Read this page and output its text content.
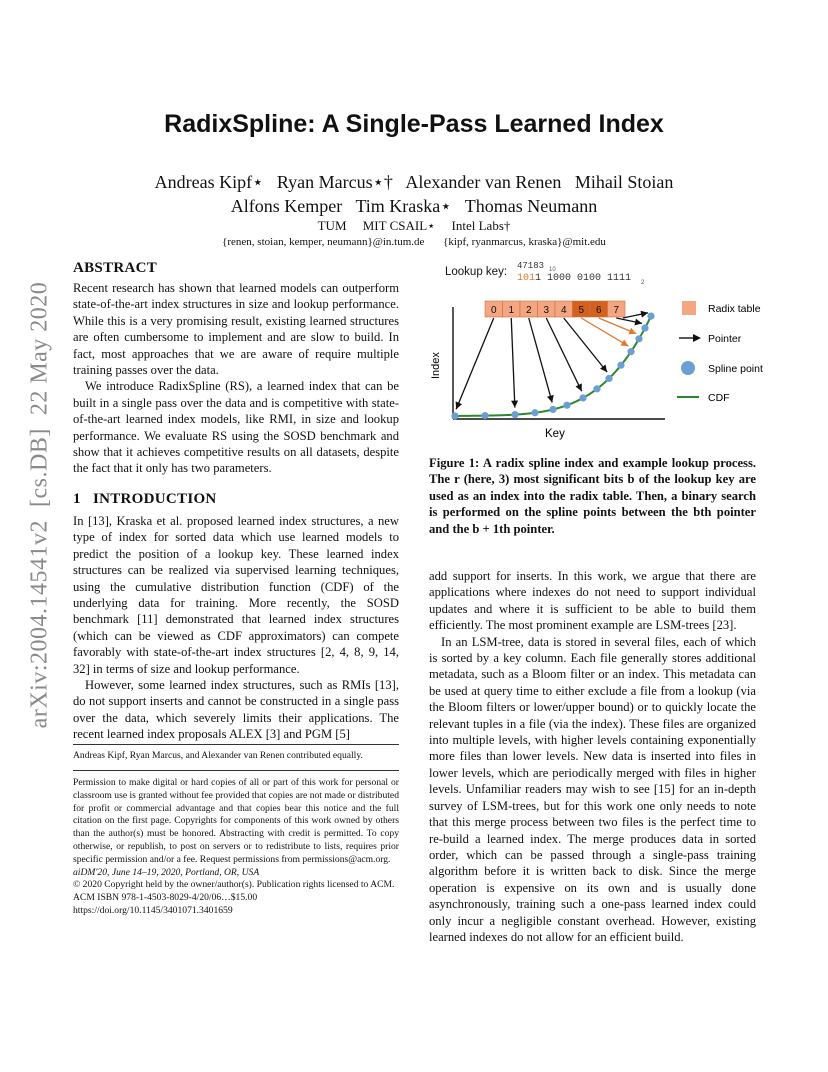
arXiv:2004.14541v2  [cs.DB]  22 May 2020
RadixSpline: A Single-Pass Learned Index
Andreas Kipf⋆   Ryan Marcus⋆†   Alexander van Renen   Mihail Stoian
Alfons Kemper   Tim Kraska⋆   Thomas Neumann
TUM     MIT CSAIL⋆     Intel Labs†
{renen, stoian, kemper, neumann}@in.tum.de {kipf, ryanmarcus, kraska}@mit.edu
ABSTRACT

Recent research has shown that learned models can outperform state-of-the-art index structures in size and lookup performance. While this is a very promising result, existing learned structures are often cumbersome to implement and are slow to build. In fact, most approaches that we are aware of require multiple training passes over the data.

We introduce RadixSpline (RS), a learned index that can be built in a single pass over the data and is competitive with state-of-the-art learned index models, like RMI, in size and lookup performance. We evaluate RS using the SOSD benchmark and show that it achieves competitive results on all datasets, despite the fact that it only has two parameters.

1   INTRODUCTION

In [13], Kraska et al. proposed learned index structures, a new type of index for sorted data which use learned models to predict the position of a lookup key. These learned index structures can be realized via supervised learning techniques, using the cumulative distribution function (CDF) of the underlying data for training. More recently, the SOSD benchmark [11] demonstrated that learned index structures (which can be viewed as CDF approximators) can compete favorably with state-of-the-art index structures [2, 4, 8, 9, 14, 32] in terms of size and lookup performance.

However, some learned index structures, such as RMIs [13], do not support inserts and cannot be constructed in a single pass over the data, which severely limits their applications. The recent learned index proposals ALEX [3] and PGM [5]

Andreas Kipf, Ryan Marcus, and Alexander van Renen contributed equally.

Permission to make digital or hard copies of all or part of this work for personal or classroom use is granted without fee provided that copies are not made or distributed for profit or commercial advantage and that copies bear this notice and the full citation on the first page. Copyrights for components of this work owned by others than the author(s) must be honored. Abstracting with credit is permitted. To copy otherwise, or republish, to post on servers or to redistribute to lists, requires prior specific permission and/or a fee. Request permissions from permissions@acm.org.

aiDM'20, June 14–19, 2020, Portland, OR, USA

© 2020 Copyright held by the owner/author(s). Publication rights licensed to ACM.

ACM ISBN 978-1-4503-8029-4/20/06…$15.00

https://doi.org/10.1145/3401071.3401659

Lookup key: 47183 10
1011 1000 0100 1111 2
0 1 2 3 4 5 6 7
Index
Key
Radix table
Pointer
Spline point
CDF
Figure 1: A radix spline index and example lookup process. The r (here, 3) most significant bits b of the lookup key are used as an index into the radix table. Then, a binary search is performed on the spline points between the bth pointer and the b + 1th pointer.

add support for inserts. In this work, we argue that there are applications where indexes do not need to support individual updates and where it is sufficient to be able to build them efficiently. The most prominent example are LSM-trees [23].

In an LSM-tree, data is stored in several files, each of which is sorted by a key column. Each file generally stores additional metadata, such as a Bloom filter or an index. This metadata can be used at query time to either exclude a file from a lookup (via the Bloom filters or lower/upper bound) or to quickly locate the relevant tuples in a file (via the index). These files are organized into multiple levels, with higher levels containing exponentially more files than lower levels. New data is inserted into files in lower levels, which are periodically merged with files in higher levels. Unfamiliar readers may wish to see [15] for an in-depth survey of LSM-trees, but for this work one only needs to note that this merge process between two files is the perfect time to re-build a learned index. The merge produces data in sorted order, which can be passed through a single-pass training algorithm before it is written back to disk. Since the merge operation is expensive on its own and is usually done asynchronously, training such a one-pass learned index could only incur a negligible constant overhead. However, existing learned indexes do not allow for an efficient build.
